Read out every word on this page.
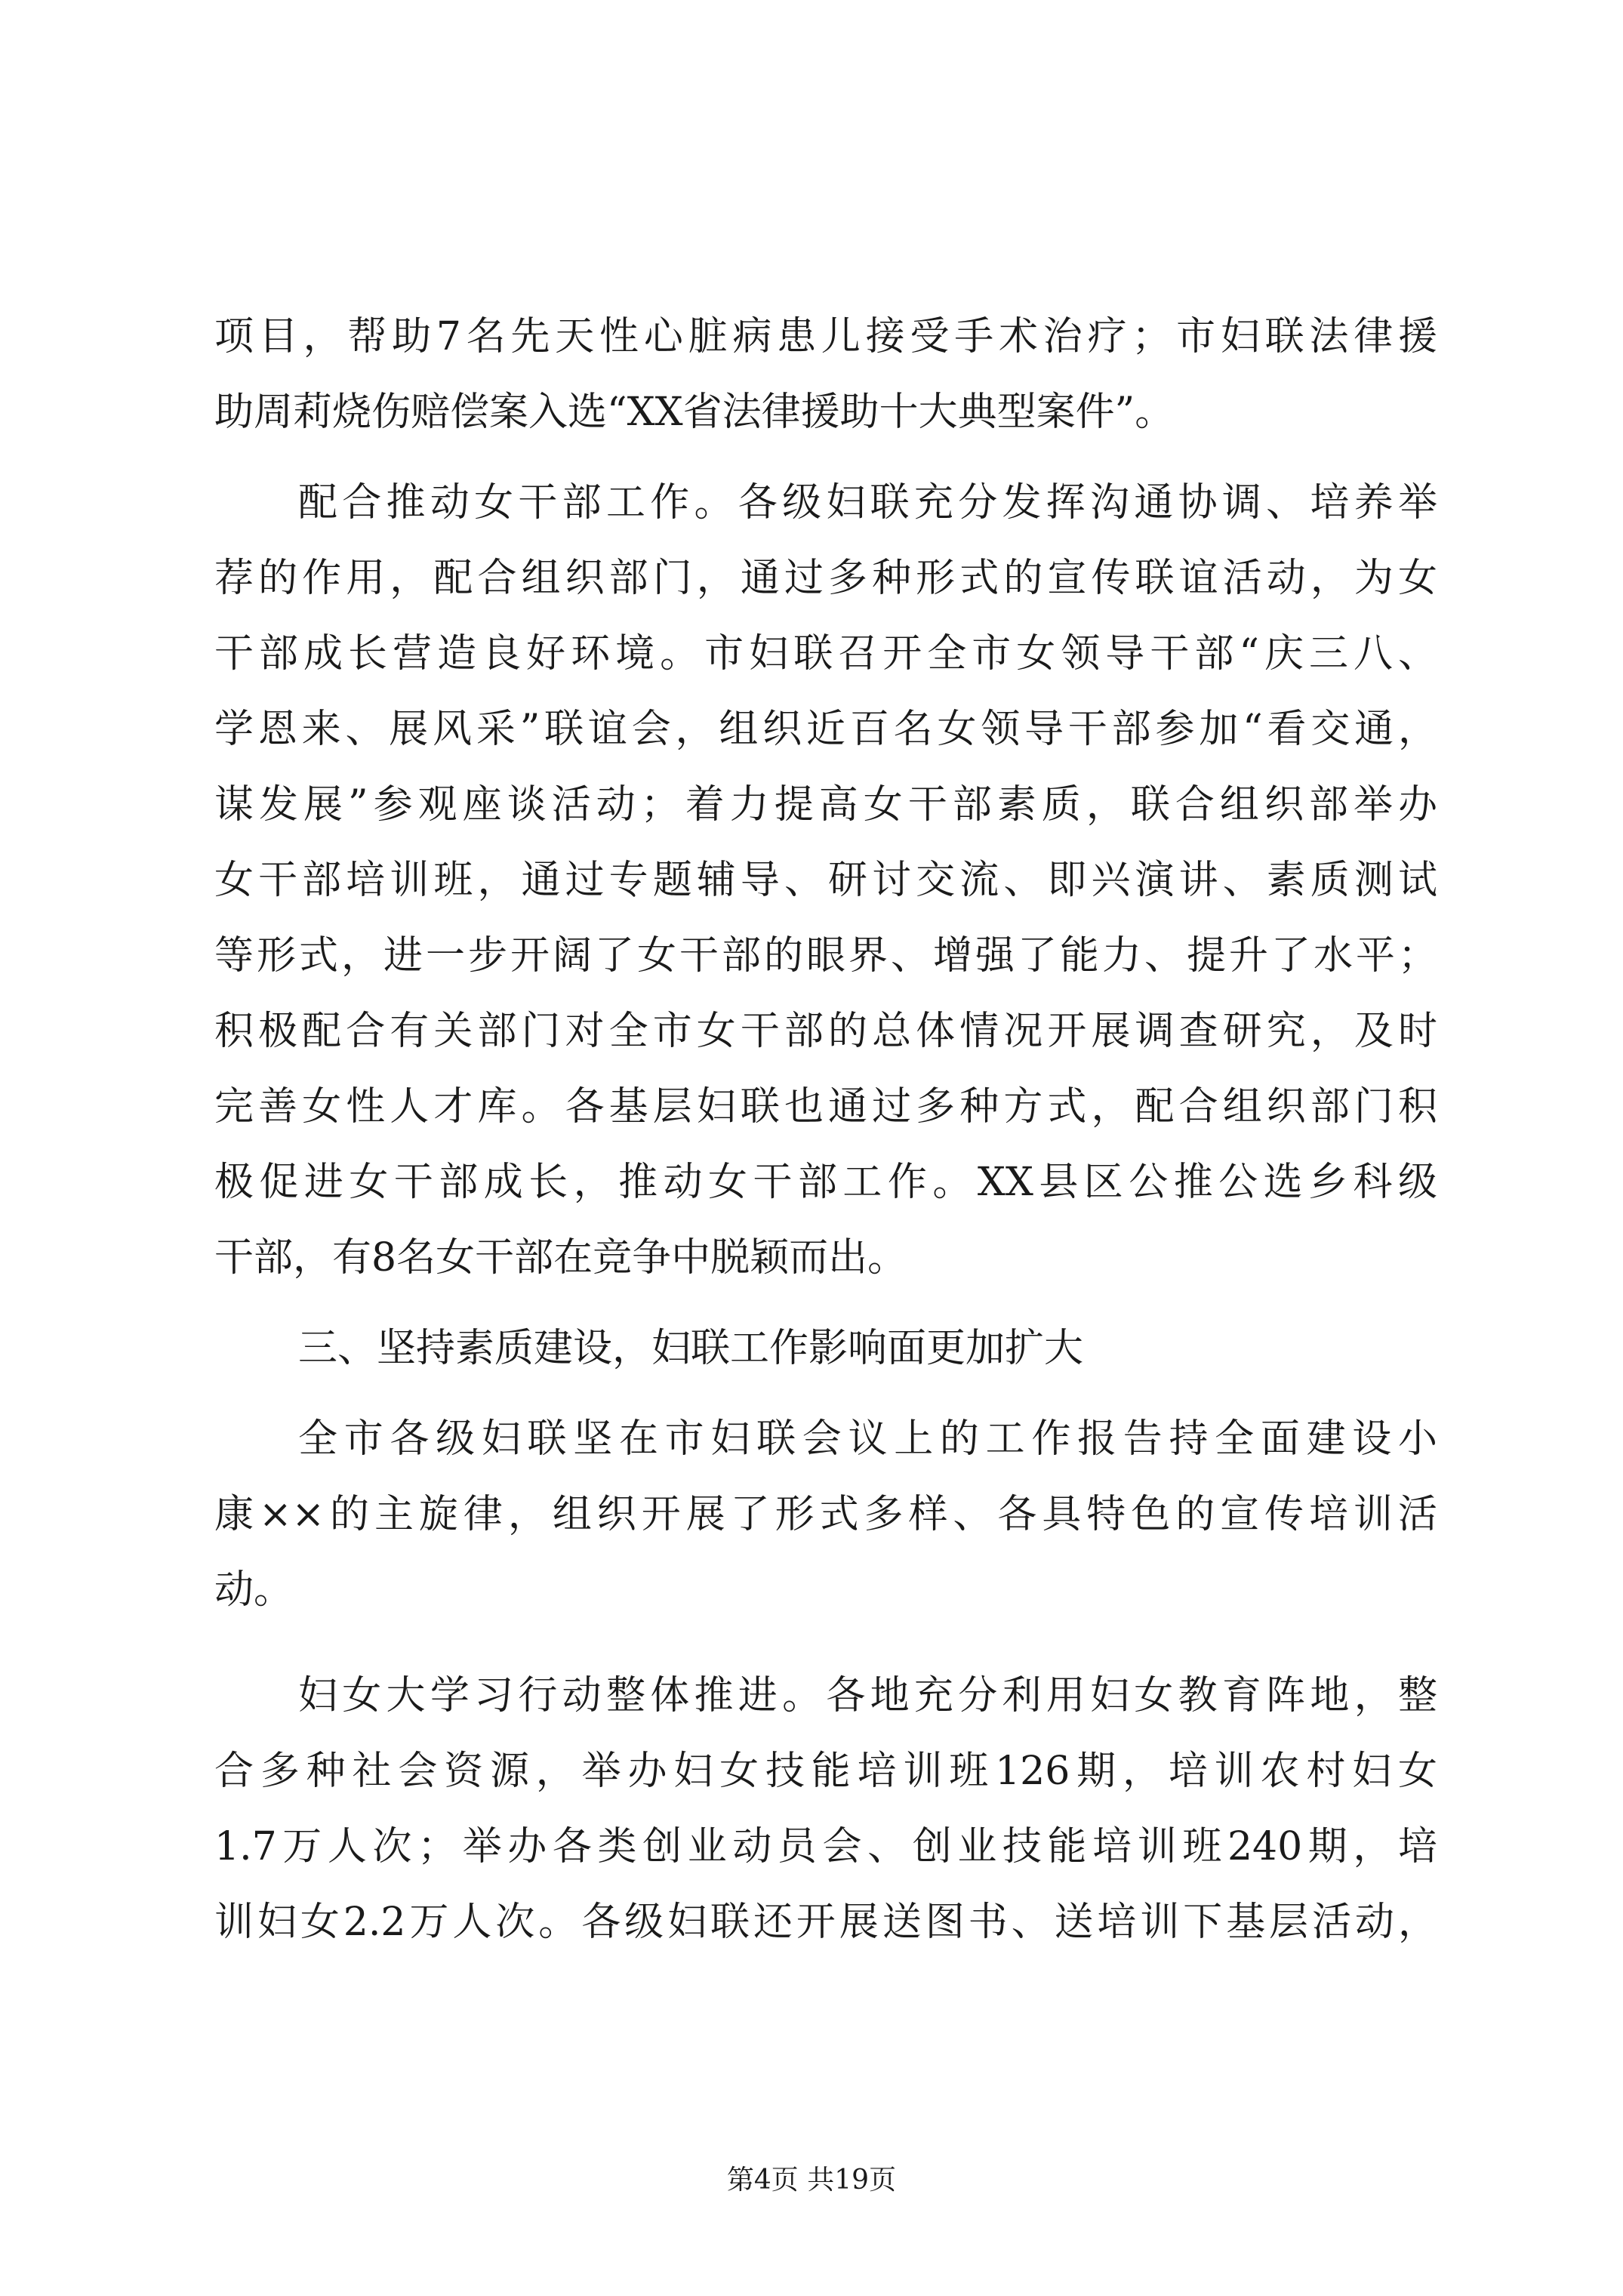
项目，帮助7名先天性心脏病患儿接受手术治疗；市妇联法律援
助周莉烧伤赔偿案入选“XX省法律援助十大典型案件”。
配合推动女干部工作。各级妇联充分发挥沟通协调、培养举
荐的作用，配合组织部门，通过多种形式的宣传联谊活动，为女
干部成长营造良好环境。市妇联召开全市女领导干部“庆三八、
学恩来、展风采”联谊会，组织近百名女领导干部参加“看交通，
谋发展”参观座谈活动；着力提高女干部素质，联合组织部举办
女干部培训班，通过专题辅导、研讨交流、即兴演讲、素质测试
等形式，进一步开阔了女干部的眼界、增强了能力、提升了水平；
积极配合有关部门对全市女干部的总体情况开展调查研究，及时
完善女性人才库。各基层妇联也通过多种方式，配合组织部门积
极促进女干部成长，推动女干部工作。XX县区公推公选乡科级
干部，有8名女干部在竞争中脱颖而出。
三、坚持素质建设，妇联工作影响面更加扩大
全市各级妇联坚在市妇联会议上的工作报告持全面建设小
康××的主旋律，组织开展了形式多样、各具特色的宣传培训活
动。
妇女大学习行动整体推进。各地充分利用妇女教育阵地，整
合多种社会资源，举办妇女技能培训班126期，培训农村妇女
1.7万人次；举办各类创业动员会、创业技能培训班240期，培
训妇女2.2万人次。各级妇联还开展送图书、送培训下基层活动，
第4页 共19页
